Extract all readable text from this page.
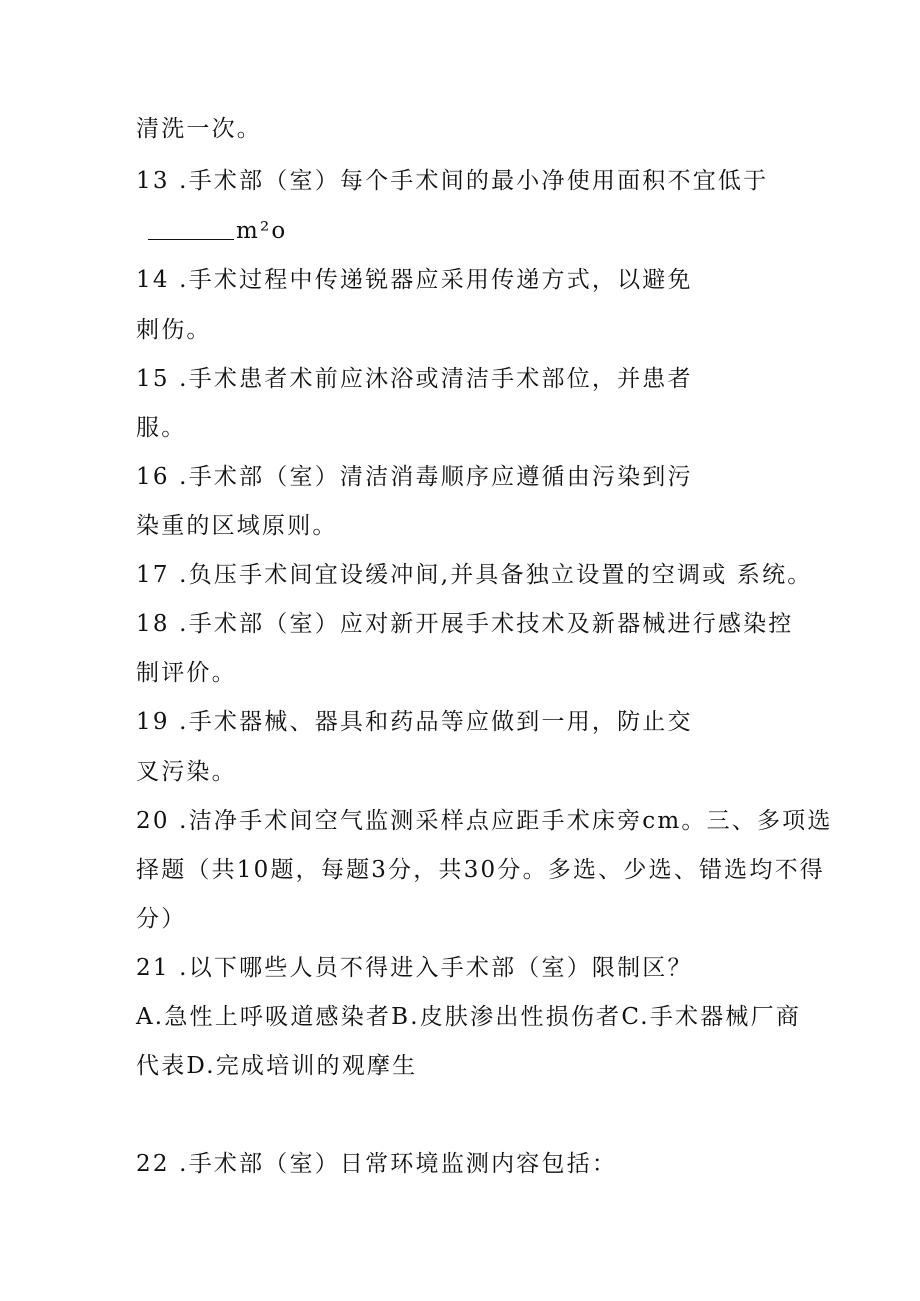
清洗一次。
13 .手术部（室）每个手术间的最小净使用面积不宜低于
m²o
14 .手术过程中传递锐器应采用传递方式，以避免
刺伤。
15 .手术患者术前应沐浴或清洁手术部位，并患者
服。
16 .手术部（室）清洁消毒顺序应遵循由污染到污
染重的区域原则。
17 .负压手术间宜设缓冲间,并具备独立设置的空调或 系统。
18 .手术部（室）应对新开展手术技术及新器械进行感染控
制评价。
19 .手术器械、器具和药品等应做到一用，防止交
叉污染。
20 .洁净手术间空气监测采样点应距手术床旁cm。三、多项选
择题（共10题，每题3分，共30分。多选、少选、错选均不得
分）
21 .以下哪些人员不得进入手术部（室）限制区？
A.急性上呼吸道感染者B.皮肤渗出性损伤者C.手术器械厂商
代表D.完成培训的观摩生
22 .手术部（室）日常环境监测内容包括：
